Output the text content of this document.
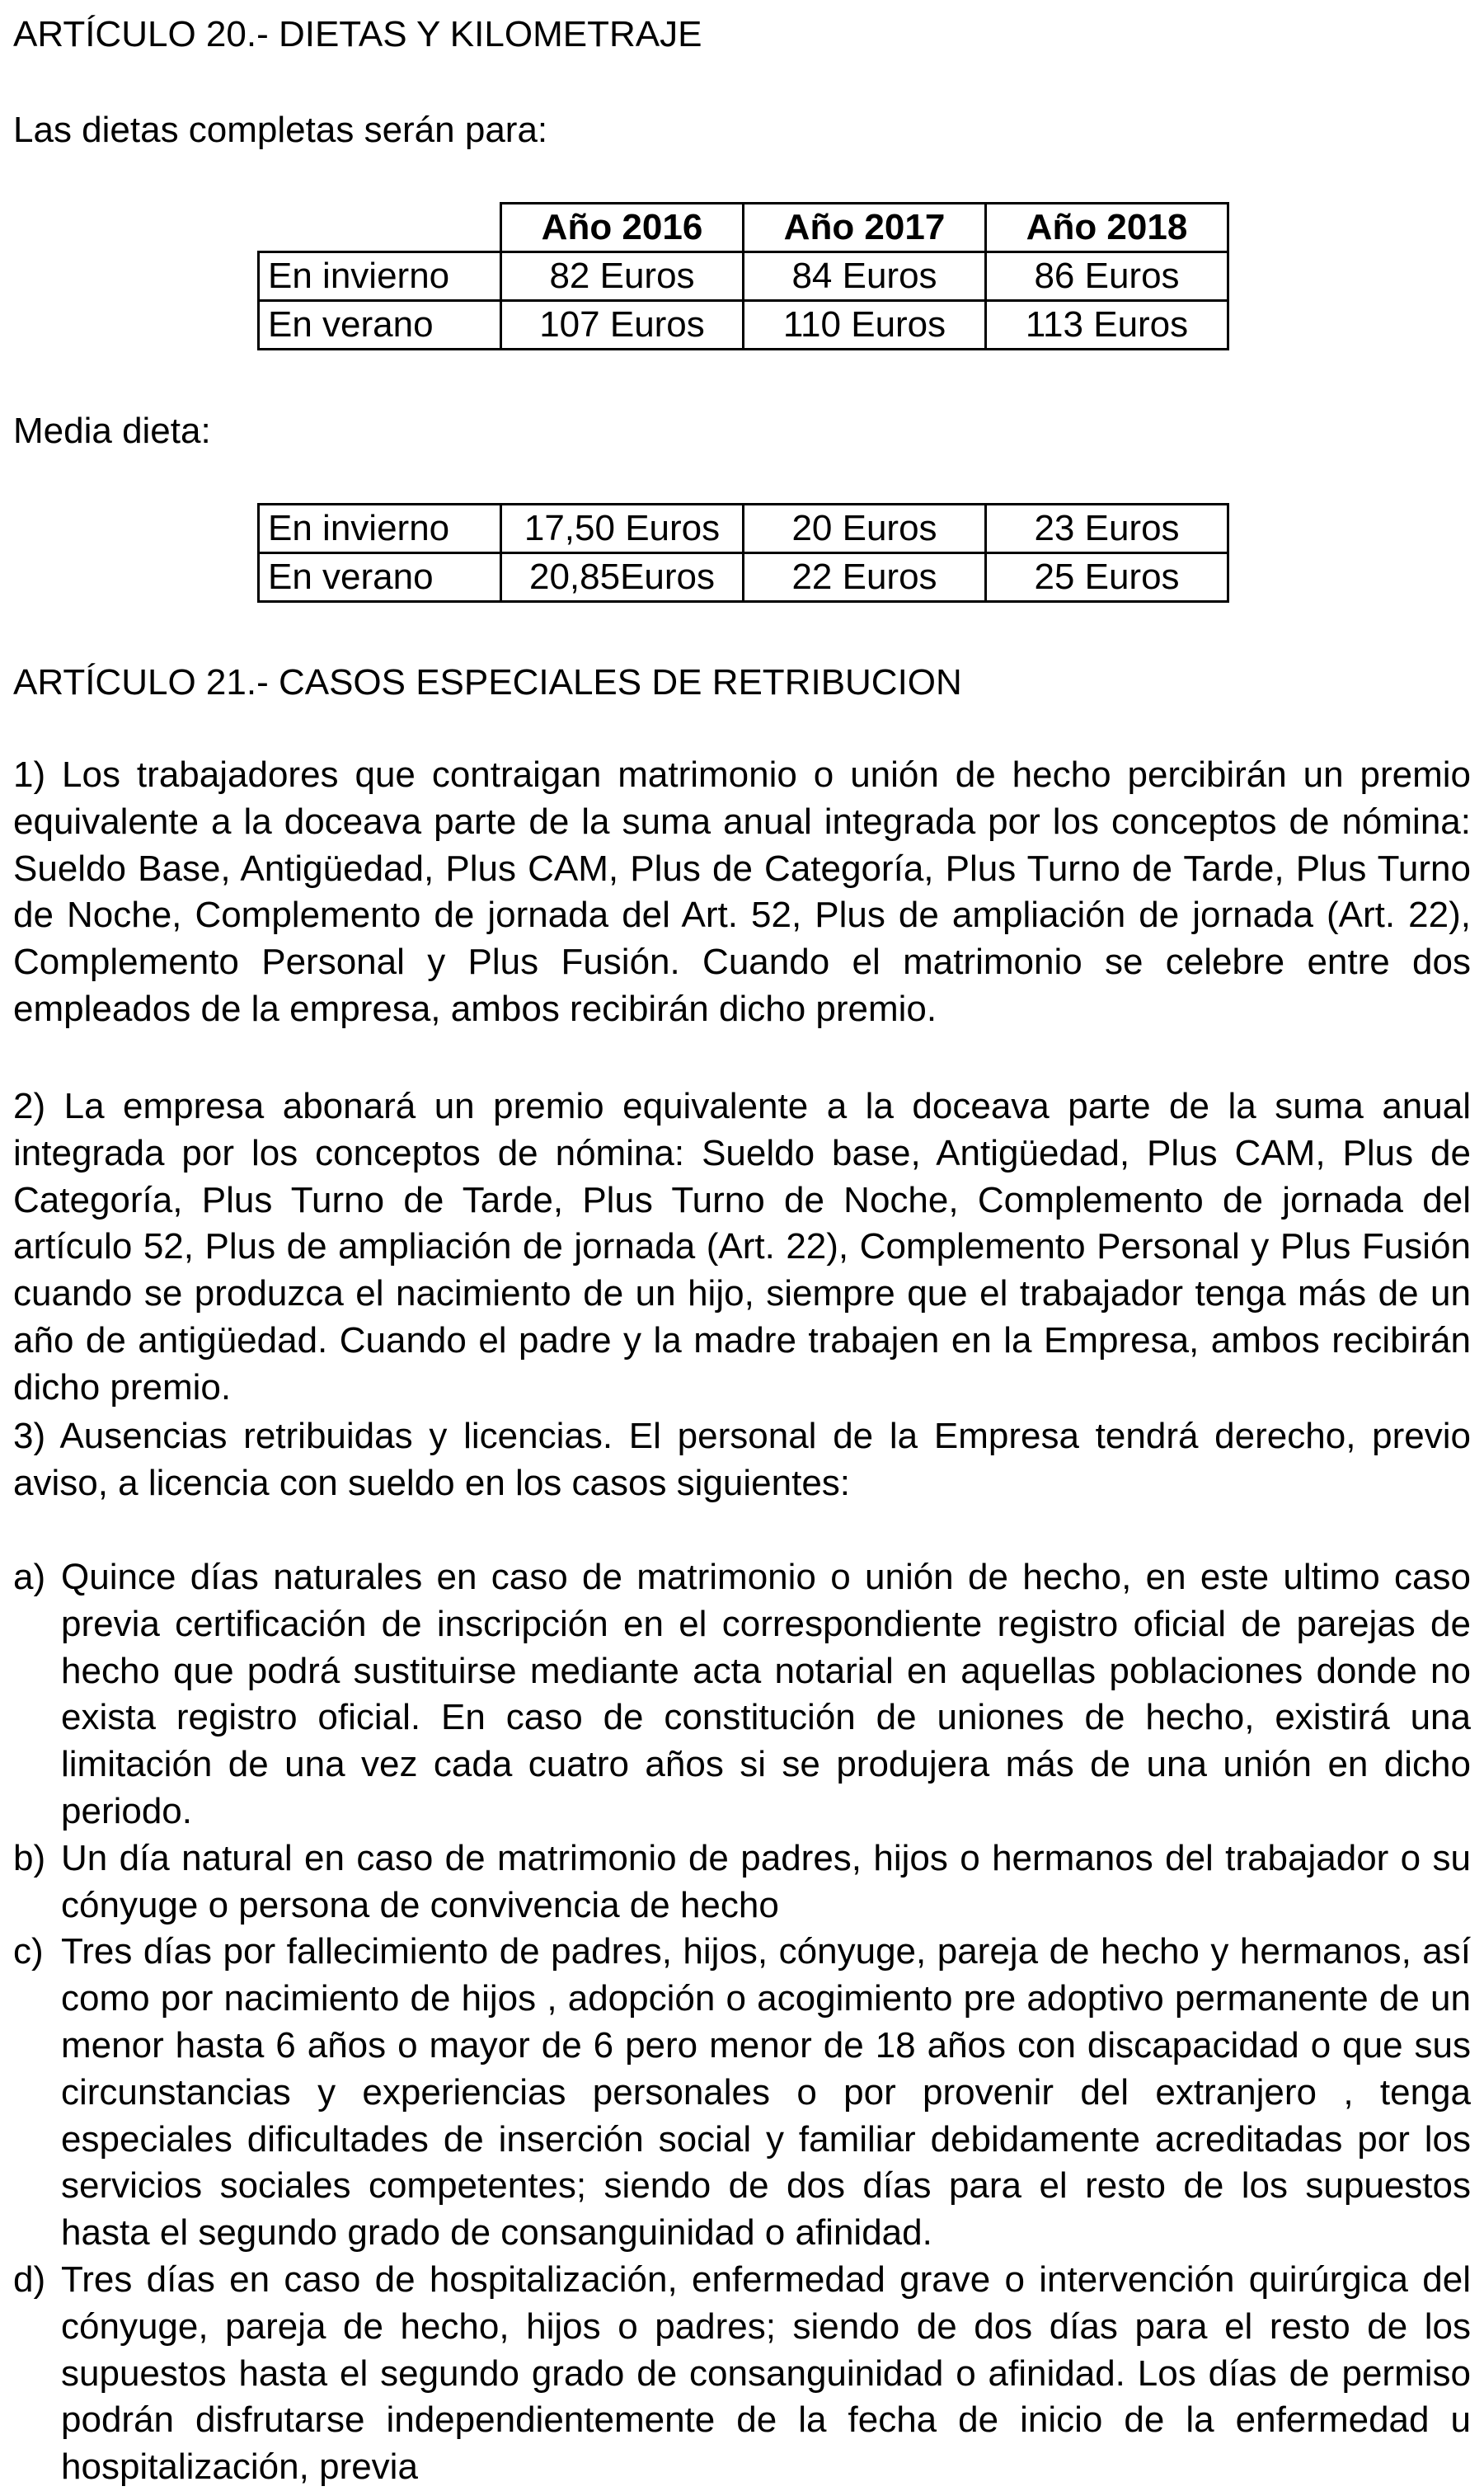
ARTÍCULO 20.- DIETAS Y KILOMETRAJE
Las dietas completas serán para:
	Año 2016	Año 2017	Año 2018
En invierno	82 Euros	84 Euros	86 Euros
En verano	107 Euros	110 Euros	113 Euros
Media dieta:
En invierno	17,50 Euros	20 Euros	23 Euros
En verano	20,85Euros	22 Euros	25 Euros
ARTÍCULO 21.- CASOS ESPECIALES DE RETRIBUCION

1) Los trabajadores que contraigan matrimonio o unión de hecho percibirán un premio equivalente a la doceava parte de la suma anual integrada por los conceptos de nómina: Sueldo Base, Antigüedad, Plus CAM, Plus de Categoría, Plus Turno de Tarde, Plus Turno de Noche, Complemento de jornada del Art. 52, Plus de ampliación de jornada (Art. 22), Complemento Personal y Plus Fusión. Cuando el matrimonio se celebre entre dos empleados de la empresa, ambos recibirán dicho premio.

2) La empresa abonará un premio equivalente a la doceava parte de la suma anual integrada por los conceptos de nómina: Sueldo base, Antigüedad, Plus CAM, Plus de Categoría, Plus Turno de Tarde, Plus Turno de Noche, Complemento de jornada del artículo 52, Plus de ampliación de jornada (Art. 22), Complemento Personal y Plus Fusión cuando se produzca el nacimiento de un hijo, siempre que el trabajador tenga más de un año de antigüedad. Cuando el padre y la madre trabajen en la Empresa, ambos recibirán dicho premio.

3) Ausencias retribuidas y licencias. El personal de la Empresa tendrá derecho, previo aviso, a licencia con sueldo en los casos siguientes:

a) Quince días naturales en caso de matrimonio o unión de hecho, en este ultimo caso previa certificación de inscripción en el correspondiente registro oficial de parejas de hecho que podrá sustituirse mediante acta notarial en aquellas poblaciones donde no exista registro oficial. En caso de constitución de uniones de hecho, existirá una limitación de una vez cada cuatro años si se produjera más de una unión en dicho periodo.
b) Un día natural en caso de matrimonio de padres, hijos o hermanos del trabajador o su cónyuge o persona de convivencia de hecho
c) Tres días por fallecimiento de padres, hijos, cónyuge, pareja de hecho y hermanos, así como por nacimiento de hijos , adopción o acogimiento pre adoptivo permanente de un menor hasta 6 años o mayor de 6 pero menor de 18 años con discapacidad o que sus circunstancias y experiencias personales o por provenir del extranjero , tenga especiales dificultades de inserción social y familiar debidamente acreditadas por los servicios sociales competentes; siendo de dos días para el resto de los supuestos hasta el segundo grado de consanguinidad o afinidad.
d) Tres días en caso de hospitalización, enfermedad grave o intervención quirúrgica del cónyuge, pareja de hecho, hijos o padres; siendo de dos días para el resto de los supuestos hasta el segundo grado de consanguinidad o afinidad. Los días de permiso podrán disfrutarse independientemente de la fecha de inicio de la enfermedad u hospitalización, previa
